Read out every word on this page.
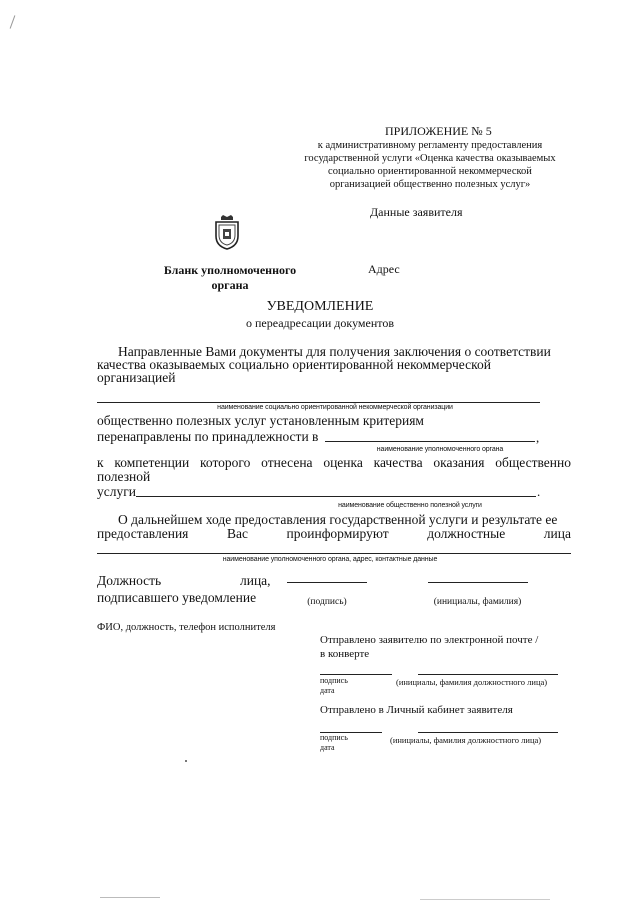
ПРИЛОЖЕНИЕ № 5
к административному регламенту предоставления
государственной услуги «Оценка качества оказываемых
социально ориентированной некоммерческой
организацией общественно полезных услуг»
Данные заявителя
Бланк уполномоченного
органа
Адрес
УВЕДОМЛЕНИЕ
о переадресации документов
Направленные Вами документы для получения заключения о соответствии
качества оказываемых социально ориентированной некоммерческой
организацией
наименование социально ориентированной некоммерческой организации
общественно полезных услуг установленным критериям
перенаправлены по принадлежности в	,
наименование уполномоченного органа
к компетенции которого отнесена оценка качества оказания общественно
полезной
услуги	.
наименование общественно полезной услуги
О дальнейшем ходе предоставления государственной услуги и результате ее
предоставления	Вас	проинформируют	должностные	лица
наименование уполномоченного органа, адрес, контактные данные
Должность	лица,
подписавшего уведомление	(подпись)	(инициалы, фамилия)
ФИО, должность, телефон исполнителя
Отправлено заявителю по электронной почте /
в конверте
подпись
дата
(инициалы, фамилия должностного лица)
Отправлено в Личный кабинет заявителя
подпись
дата
(инициалы, фамилия должностного лица)
